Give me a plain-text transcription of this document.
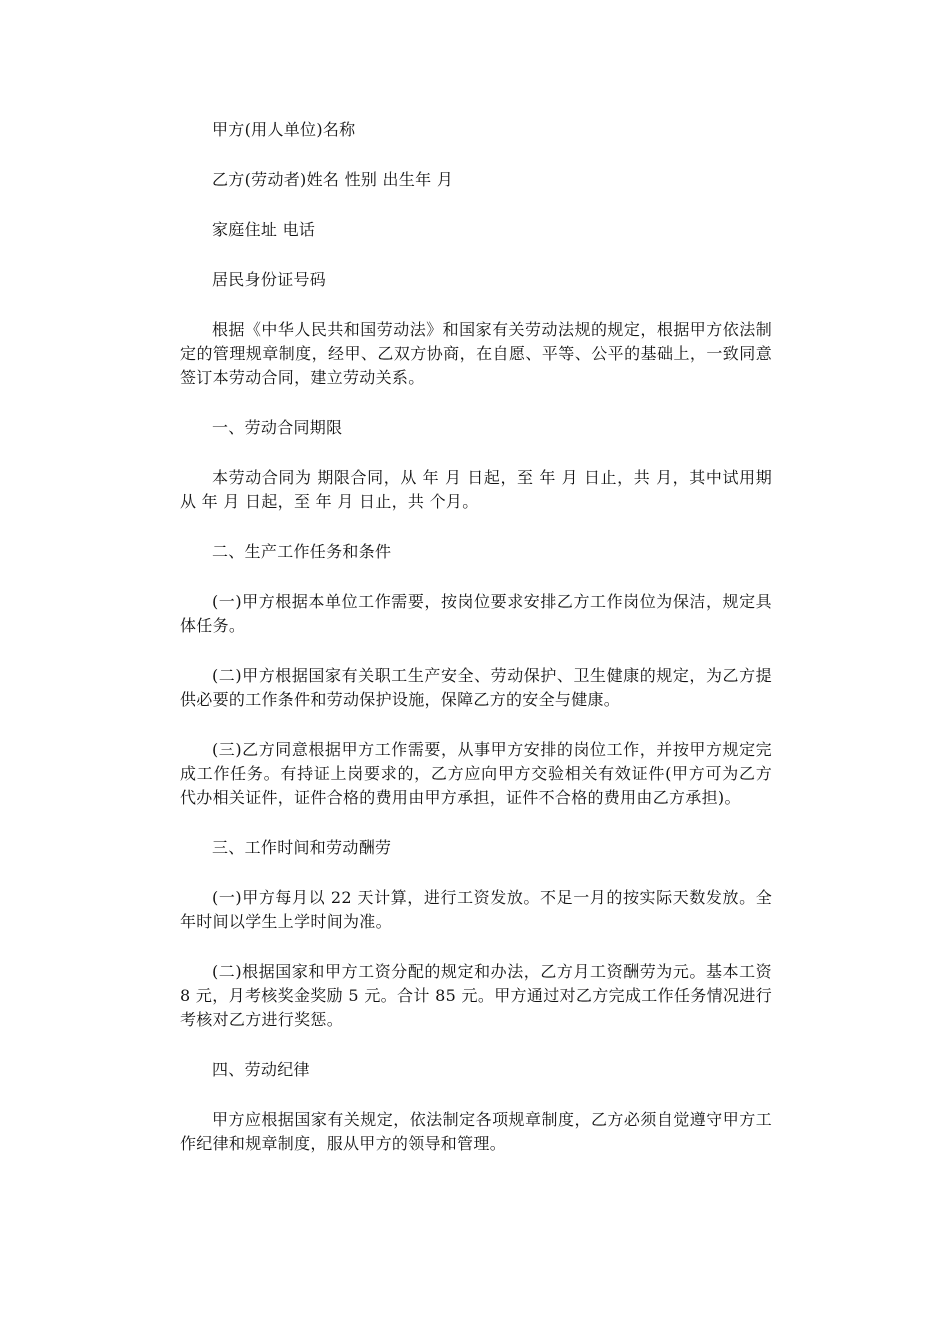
甲方(用人单位)名称

乙方(劳动者)姓名 性别 出生年 月

家庭住址 电话

居民身份证号码

根据《中华人民共和国劳动法》和国家有关劳动法规的规定，根据甲方依法制定的管理规章制度，经甲、乙双方协商，在自愿、平等、公平的基础上，一致同意签订本劳动合同，建立劳动关系。

一、劳动合同期限

本劳动合同为 期限合同，从 年 月 日起，至 年 月 日止，共 月，其中试用期从 年 月 日起，至 年 月 日止，共 个月。

二、生产工作任务和条件

(一)甲方根据本单位工作需要，按岗位要求安排乙方工作岗位为保洁，规定具体任务。

(二)甲方根据国家有关职工生产安全、劳动保护、卫生健康的规定，为乙方提供必要的工作条件和劳动保护设施，保障乙方的安全与健康。

(三)乙方同意根据甲方工作需要，从事甲方安排的岗位工作，并按甲方规定完成工作任务。有持证上岗要求的，乙方应向甲方交验相关有效证件(甲方可为乙方代办相关证件，证件合格的费用由甲方承担，证件不合格的费用由乙方承担)。

三、工作时间和劳动酬劳

(一)甲方每月以 22 天计算，进行工资发放。不足一月的按实际天数发放。全年时间以学生上学时间为准。

(二)根据国家和甲方工资分配的规定和办法，乙方月工资酬劳为元。基本工资 8 元，月考核奖金奖励 5 元。合计 85 元。甲方通过对乙方完成工作任务情况进行考核对乙方进行奖惩。

四、劳动纪律

甲方应根据国家有关规定，依法制定各项规章制度，乙方必须自觉遵守甲方工作纪律和规章制度，服从甲方的领导和管理。
